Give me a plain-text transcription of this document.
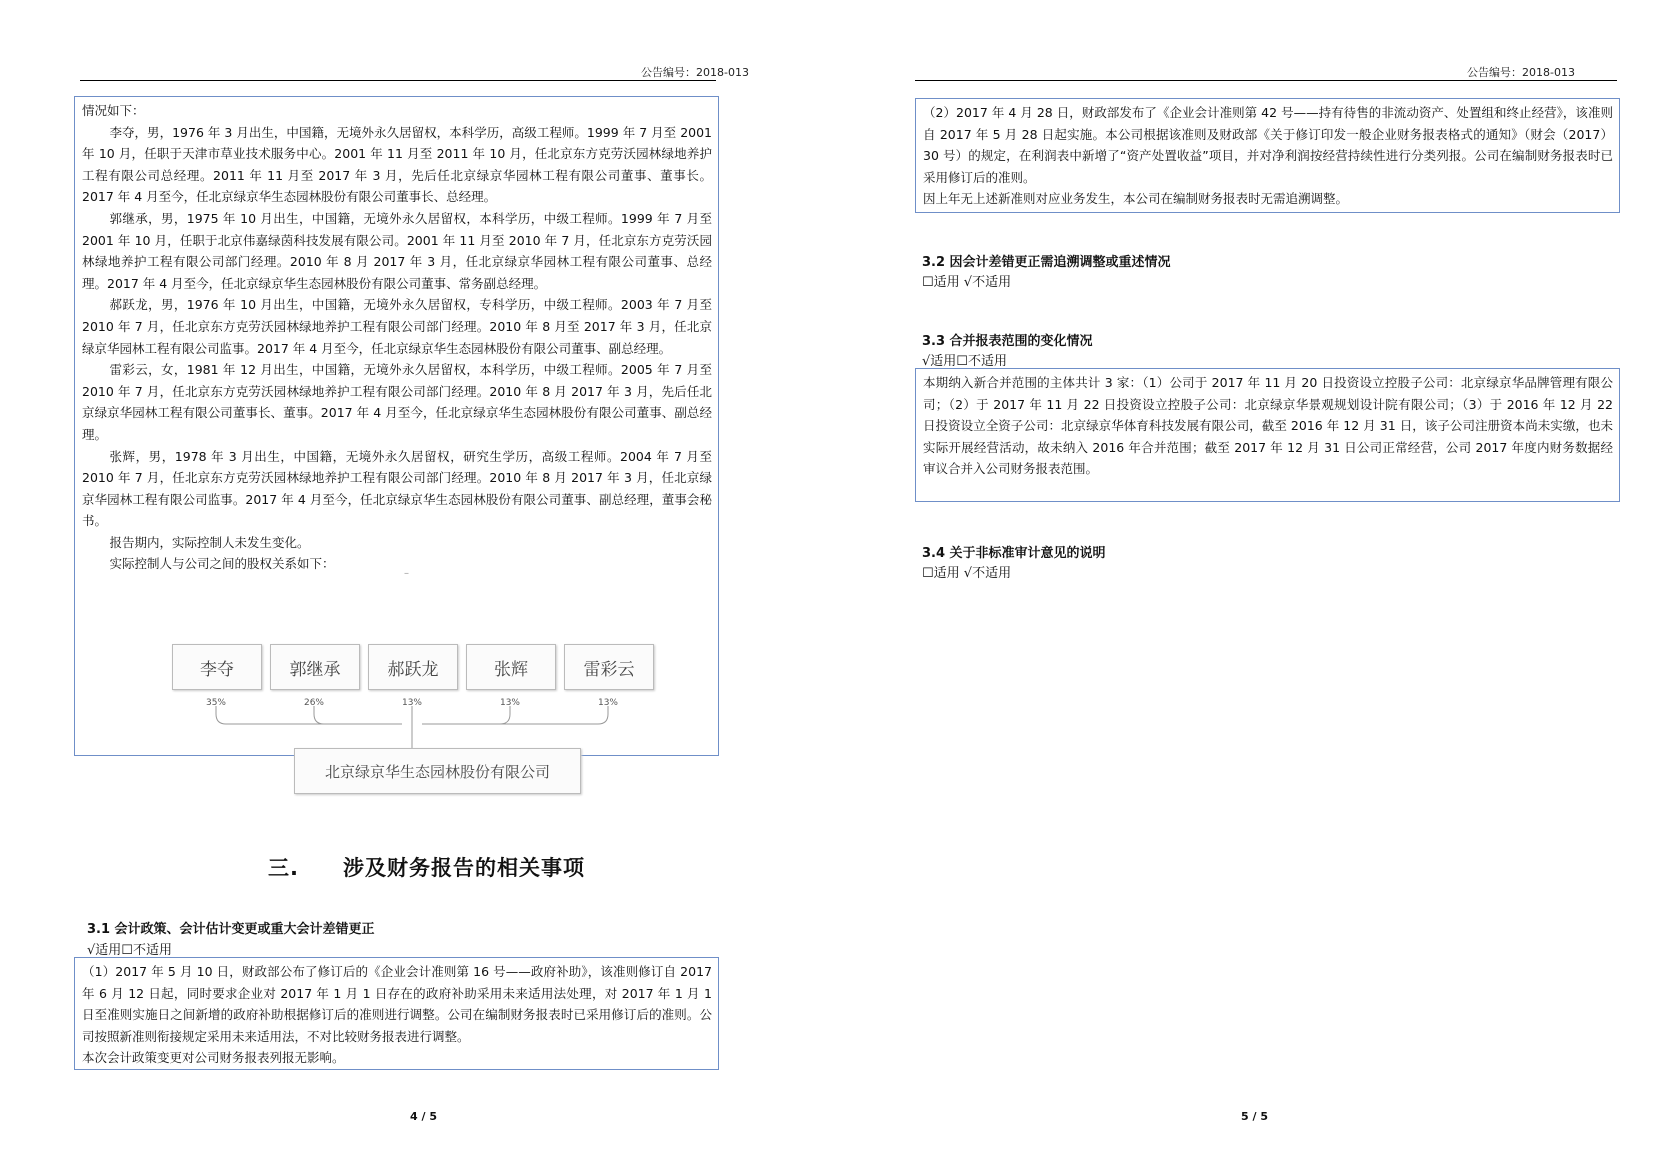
公告编号：2018-013

情况如下：

李夺，男，1976 年 3 月出生，中国籍，无境外永久居留权，本科学历，高级工程师。1999 年 7 月至 2001 年 10 月，任职于天津市草业技术服务中心。2001 年 11 月至 2011 年 10 月，任北京东方克劳沃园林绿地养护工程有限公司总经理。2011 年 11 月至 2017 年 3 月，先后任北京绿京华园林工程有限公司董事、董事长。2017 年 4 月至今，任北京绿京华生态园林股份有限公司董事长、总经理。

郭继承，男，1975 年 10 月出生，中国籍，无境外永久居留权，本科学历，中级工程师。1999 年 7 月至 2001 年 10 月，任职于北京伟嘉绿茵科技发展有限公司。2001 年 11 月至 2010 年 7 月，任北京东方克劳沃园林绿地养护工程有限公司部门经理。2010 年 8 月 2017 年 3 月，任北京绿京华园林工程有限公司董事、总经理。2017 年 4 月至今，任北京绿京华生态园林股份有限公司董事、常务副总经理。

郝跃龙，男，1976 年 10 月出生，中国籍，无境外永久居留权，专科学历，中级工程师。2003 年 7 月至 2010 年 7 月，任北京东方克劳沃园林绿地养护工程有限公司部门经理。2010 年 8 月至 2017 年 3 月，任北京绿京华园林工程有限公司监事。2017 年 4 月至今，任北京绿京华生态园林股份有限公司董事、副总经理。

雷彩云，女，1981 年 12 月出生，中国籍，无境外永久居留权，本科学历，中级工程师。2005 年 7 月至 2010 年 7 月，任北京东方克劳沃园林绿地养护工程有限公司部门经理。2010 年 8 月 2017 年 3 月，先后任北京绿京华园林工程有限公司董事长、董事。2017 年 4 月至今，任北京绿京华生态园林股份有限公司董事、副总经理。

张辉，男，1978 年 3 月出生，中国籍，无境外永久居留权，研究生学历，高级工程师。2004 年 7 月至 2010 年 7 月，任北京东方克劳沃园林绿地养护工程有限公司部门经理。2010 年 8 月 2017 年 3 月，任北京绿京华园林工程有限公司监事。2017 年 4 月至今，任北京绿京华生态园林股份有限公司董事、副总经理，董事会秘书。

报告期内，实际控制人未发生变化。

实际控制人与公司之间的股权关系如下：

–
李夺	郭继承	郝跃龙	张辉	雷彩云
35%	26%	13%	13%	13%
北京绿京华生态园林股份有限公司
三.　　涉及财务报告的相关事项
3.1 会计政策、会计估计变更或重大会计差错更正
√适用☐不适用

（1）2017 年 5 月 10 日，财政部公布了修订后的《企业会计准则第 16 号——政府补助》，该准则修订自 2017 年 6 月 12 日起，同时要求企业对 2017 年 1 月 1 日存在的政府补助采用未来适用法处理，对 2017 年 1 月 1 日至准则实施日之间新增的政府补助根据修订后的准则进行调整。公司在编制财务报表时已采用修订后的准则。公司按照新准则衔接规定采用未来适用法，不对比较财务报表进行调整。

本次会计政策变更对公司财务报表列报无影响。

4 / 5
公告编号：2018-013

（2）2017 年 4 月 28 日，财政部发布了《企业会计准则第 42 号——持有待售的非流动资产、处置组和终止经营》，该准则自 2017 年 5 月 28 日起实施。本公司根据该准则及财政部《关于修订印发一般企业财务报表格式的通知》（财会（2017）30 号）的规定，在利润表中新增了“资产处置收益”项目，并对净利润按经营持续性进行分类列报。公司在编制财务报表时已采用修订后的准则。

因上年无上述新准则对应业务发生，本公司在编制财务报表时无需追溯调整。

3.2 因会计差错更正需追溯调整或重述情况
☐适用 √不适用
3.3 合并报表范围的变化情况
√适用☐不适用

本期纳入新合并范围的主体共计 3 家：（1）公司于 2017 年 11 月 20 日投资设立控股子公司：北京绿京华品牌管理有限公司；（2）于 2017 年 11 月 22 日投资设立控股子公司：北京绿京华景观规划设计院有限公司；（3）于 2016 年 12 月 22 日投资设立全资子公司：北京绿京华体育科技发展有限公司，截至 2016 年 12 月 31 日，该子公司注册资本尚未实缴，也未实际开展经营活动，故未纳入 2016 年合并范围；截至 2017 年 12 月 31 日公司正常经营，公司 2017 年度内财务数据经审议合并入公司财务报表范围。

3.4 关于非标准审计意见的说明
☐适用 √不适用
5 / 5
